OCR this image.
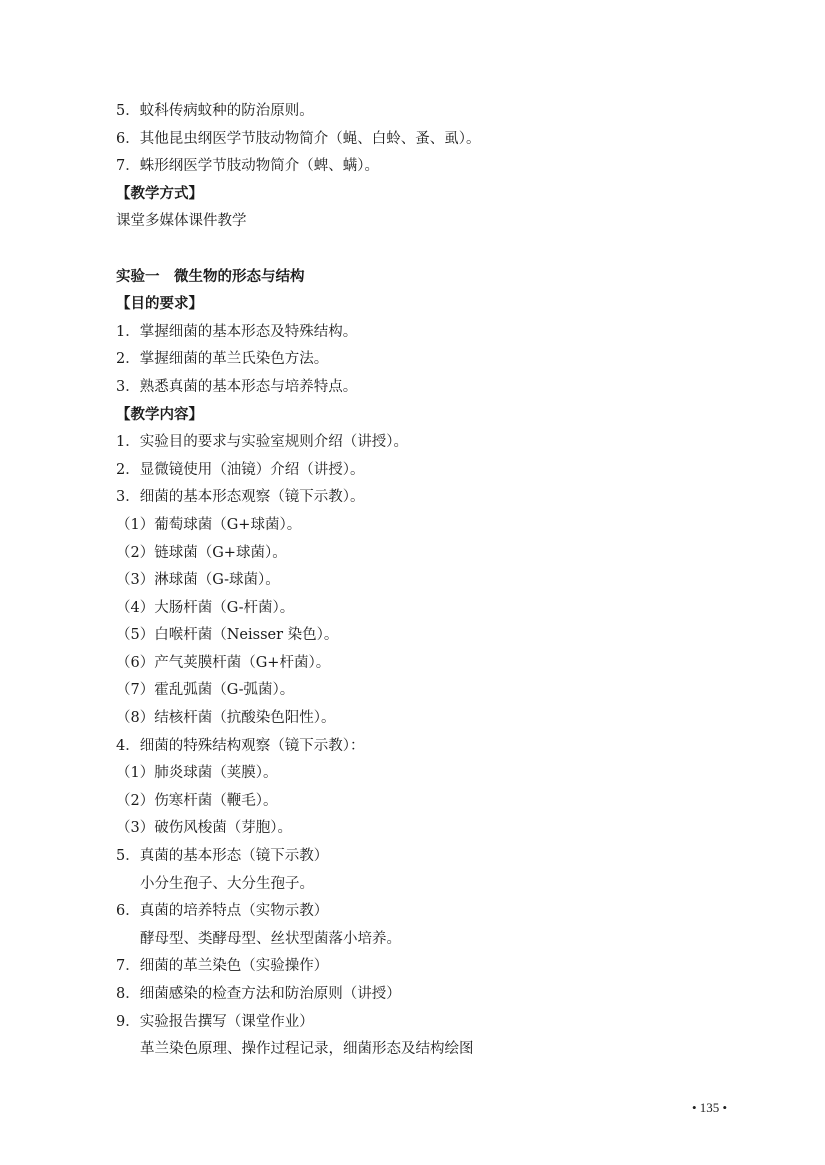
5．蚊科传病蚊种的防治原则。
6．其他昆虫纲医学节肢动物简介（蝇、白蛉、蚤、虱）。
7．蛛形纲医学节肢动物简介（蜱、螨）。
【教学方式】
课堂多媒体课件教学
实验一　微生物的形态与结构
【目的要求】
1．掌握细菌的基本形态及特殊结构。
2．掌握细菌的革兰氏染色方法。
3．熟悉真菌的基本形态与培养特点。
【教学内容】
1．实验目的要求与实验室规则介绍（讲授）。
2．显微镜使用（油镜）介绍（讲授）。
3．细菌的基本形态观察（镜下示教）。
（1）葡萄球菌（G+球菌）。
（2）链球菌（G+球菌）。
（3）淋球菌（G-球菌）。
（4）大肠杆菌（G-杆菌）。
（5）白喉杆菌（Neisser 染色）。
（6）产气荚膜杆菌（G+杆菌）。
（7）霍乱弧菌（G-弧菌）。
（8）结核杆菌（抗酸染色阳性）。
4．细菌的特殊结构观察（镜下示教）：
（1）肺炎球菌（荚膜）。
（2）伤寒杆菌（鞭毛）。
（3）破伤风梭菌（芽胞）。
5．真菌的基本形态（镜下示教）
小分生孢子、大分生孢子。
6．真菌的培养特点（实物示教）
酵母型、类酵母型、丝状型菌落小培养。
7．细菌的革兰染色（实验操作）
8．细菌感染的检查方法和防治原则（讲授）
9．实验报告撰写（课堂作业）
革兰染色原理、操作过程记录，细菌形态及结构绘图
• 135 •
